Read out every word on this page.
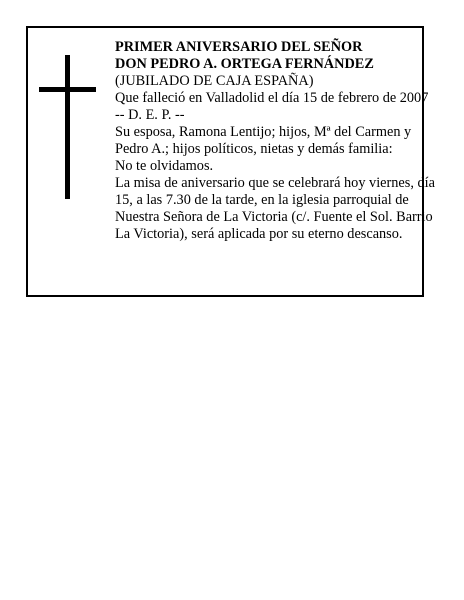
PRIMER ANIVERSARIO DEL SEÑOR
DON PEDRO A. ORTEGA FERNÁNDEZ
(JUBILADO DE CAJA ESPAÑA)
Que falleció en Valladolid el día 15 de febrero de 2007
-- D. E. P. --
Su esposa, Ramona Lentijo; hijos, Mª del Carmen y
Pedro A.; hijos políticos, nietas y demás familia:
No te olvidamos.
La misa de aniversario que se celebrará hoy viernes, día
15, a las 7.30 de la tarde, en la iglesia parroquial de
Nuestra Señora de La Victoria (c/. Fuente el Sol. Barrio
La Victoria), será aplicada por su eterno descanso.
